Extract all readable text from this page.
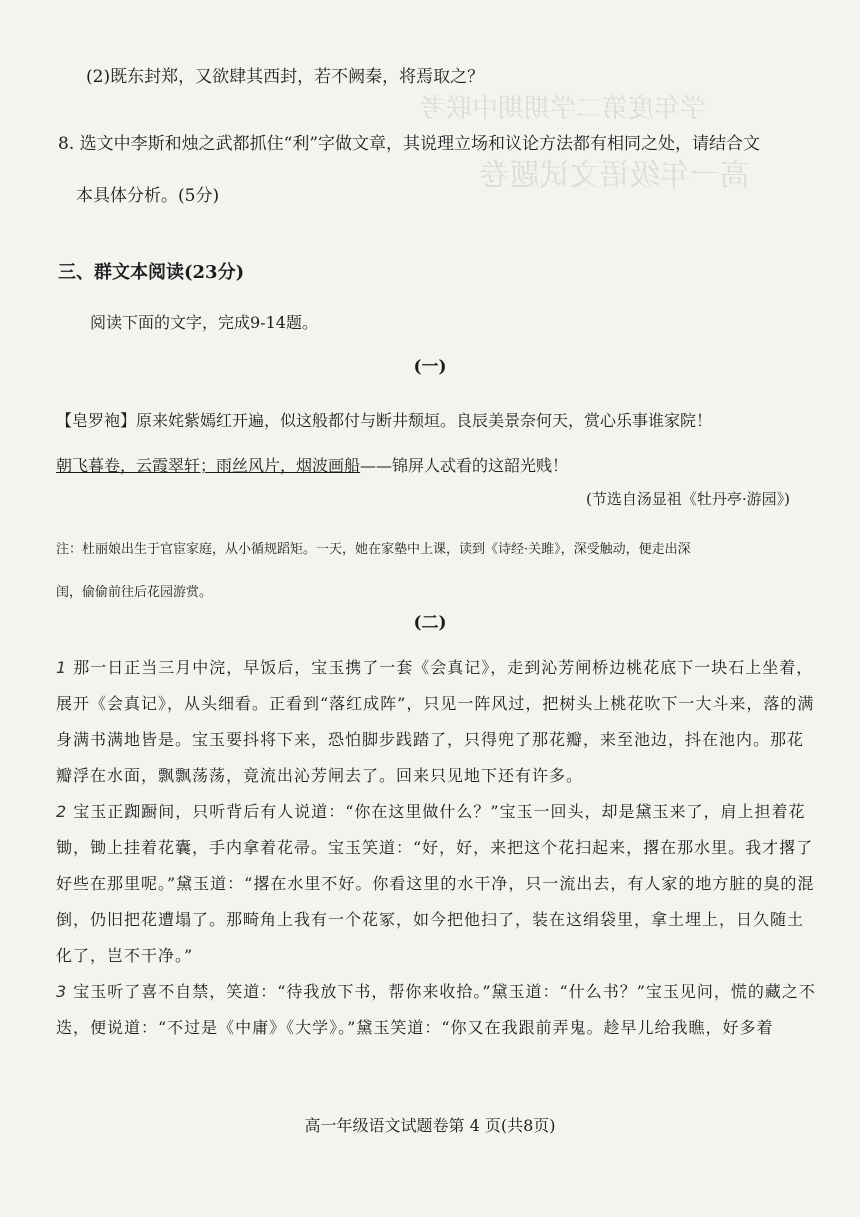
学年度第二学期期中联考
高一年级语文试题卷
(2)既东封郑，又欲肆其西封，若不阙秦，将焉取之？
8. 选文中李斯和烛之武都抓住“利”字做文章，其说理立场和议论方法都有相同之处，请结合文
本具体分析。(5分)
三、群文本阅读(23分)
阅读下面的文字，完成9-14题。
(一)
【皂罗袍】原来姹紫嫣红开遍，似这般都付与断井颓垣。良辰美景奈何天，赏心乐事谁家院！
朝飞暮卷，云霞翠轩；雨丝风片，烟波画船——锦屏人忒看的这韶光贱！
(节选自汤显祖《牡丹亭·游园》)
注：杜丽娘出生于官宦家庭，从小循规蹈矩。一天，她在家塾中上课，读到《诗经·关雎》，深受触动，便走出深
闺，偷偷前往后花园游赏。
(二)

1 那一日正当三月中浣，早饭后，宝玉携了一套《会真记》，走到沁芳闸桥边桃花底下一块石上坐着，展开《会真记》，从头细看。正看到“落红成阵”，只见一阵风过，把树头上桃花吹下一大斗来，落的满身满书满地皆是。宝玉要抖将下来，恐怕脚步践踏了，只得兜了那花瓣，来至池边，抖在池内。那花瓣浮在水面，飘飘荡荡，竟流出沁芳闸去了。回来只见地下还有许多。

2 宝玉正踟蹰间，只听背后有人说道：“你在这里做什么？”宝玉一回头，却是黛玉来了，肩上担着花锄，锄上挂着花囊，手内拿着花帚。宝玉笑道：“好，好，来把这个花扫起来，撂在那水里。我才撂了好些在那里呢。”黛玉道：“撂在水里不好。你看这里的水干净，只一流出去，有人家的地方脏的臭的混倒，仍旧把花遭塌了。那畸角上我有一个花冢，如今把他扫了，装在这绢袋里，拿土埋上，日久随土化了，岂不干净。”

3 宝玉听了喜不自禁，笑道：“待我放下书，帮你来收拾。”黛玉道：“什么书？”宝玉见问，慌的藏之不迭，便说道：“不过是《中庸》《大学》。”黛玉笑道：“你又在我跟前弄鬼。趁早儿给我瞧，好多着

高一年级语文试题卷第 4 页(共8页)
